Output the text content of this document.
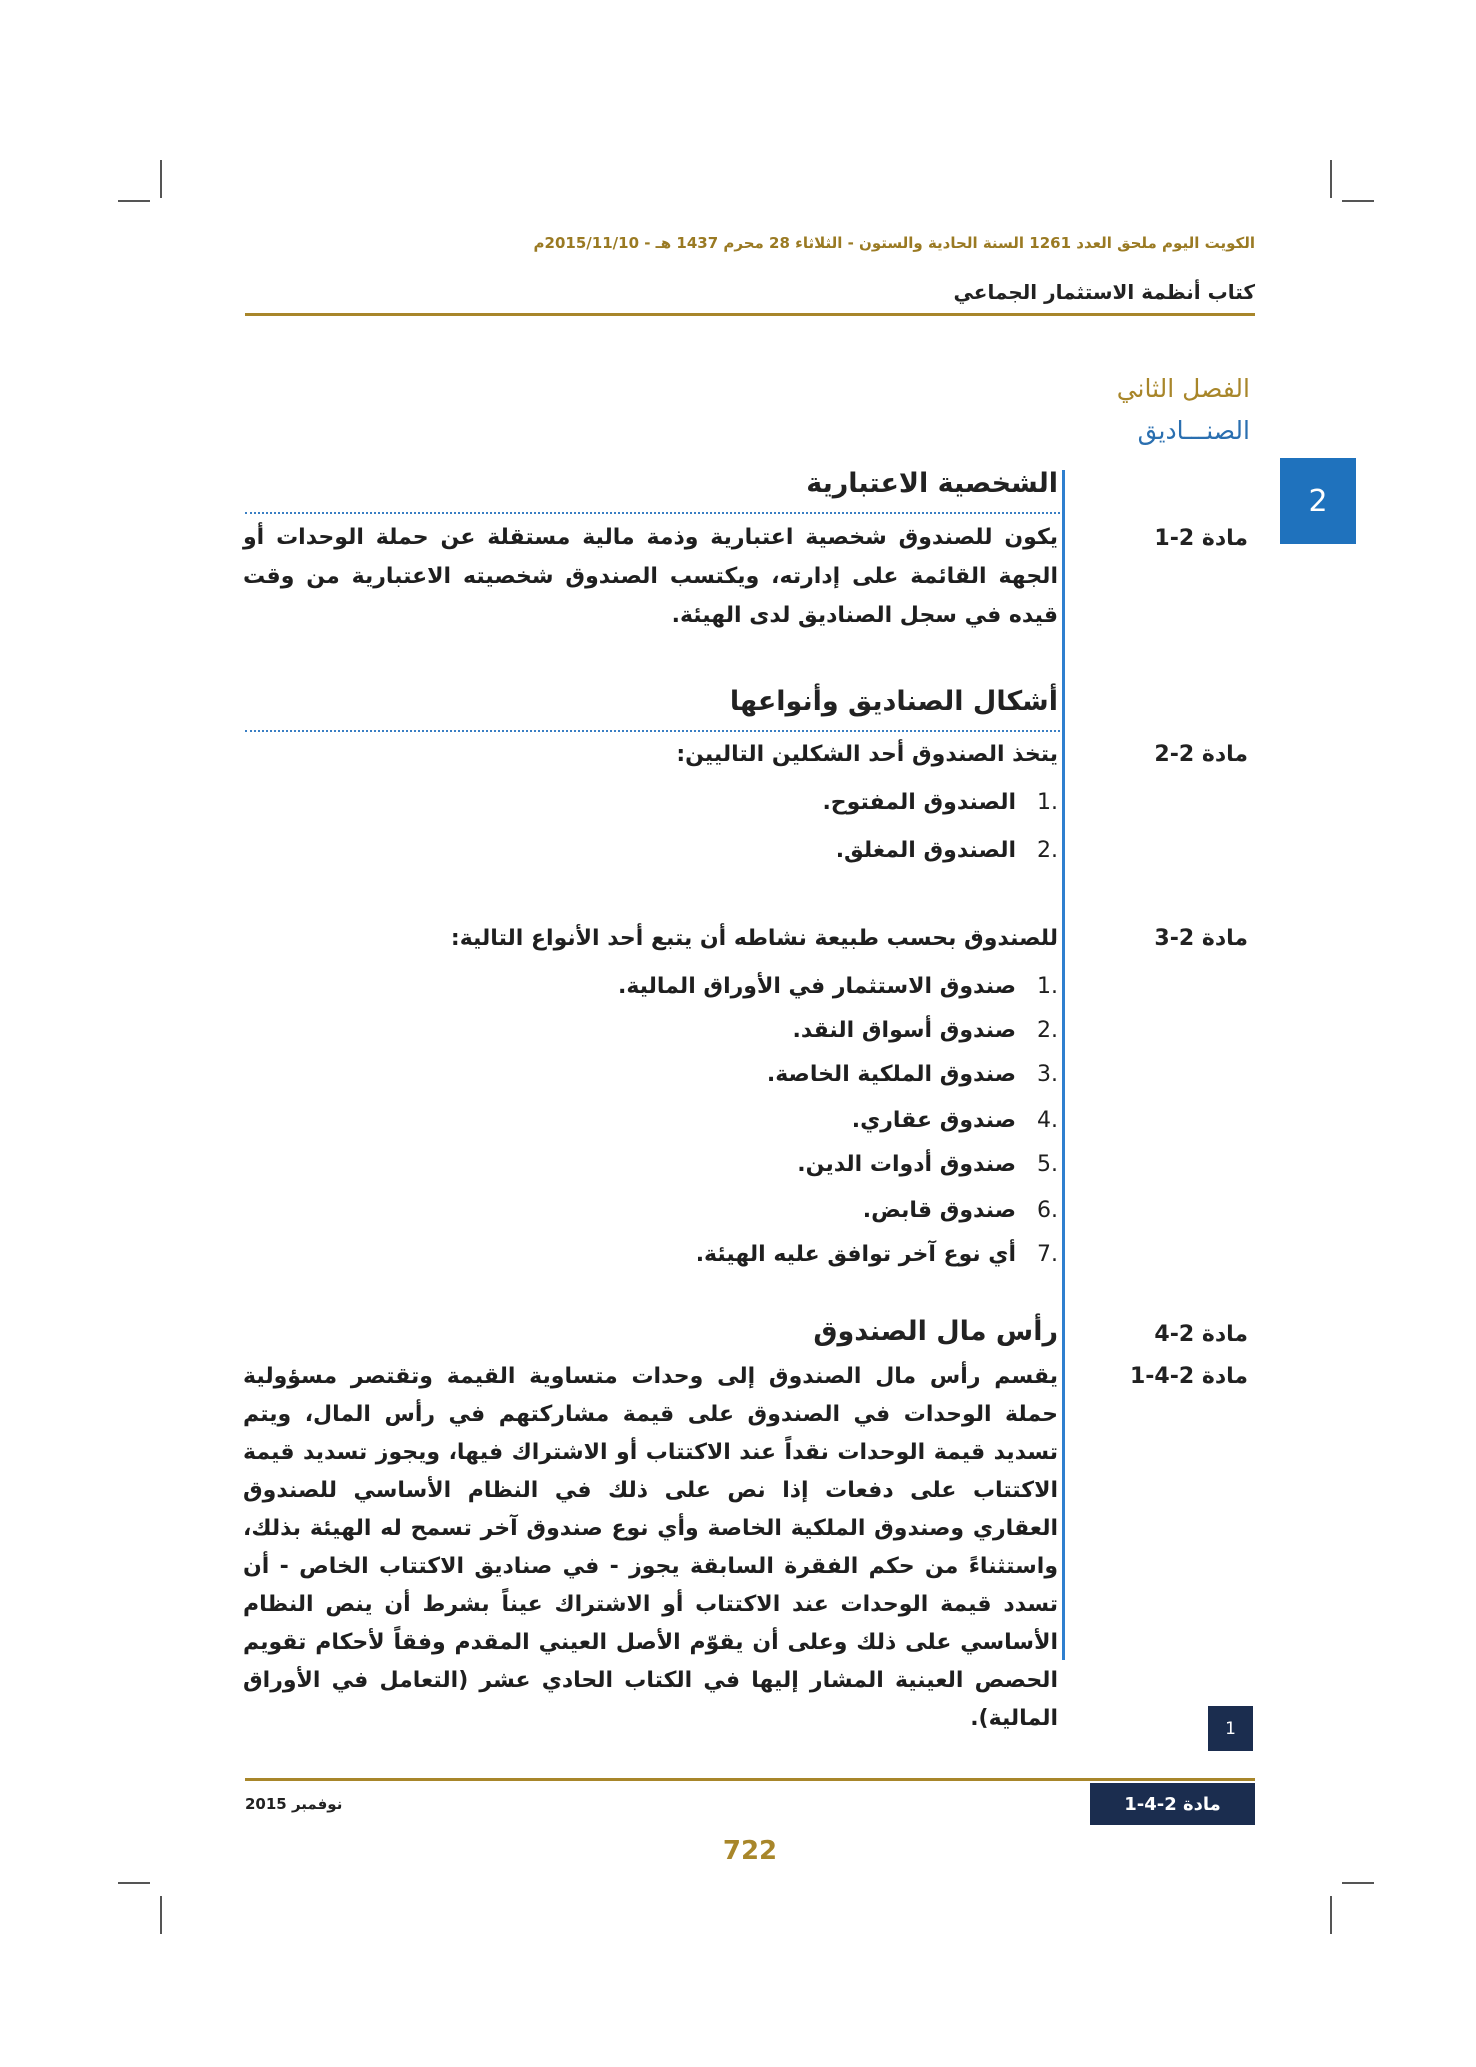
الكويت اليوم ملحق العدد 1261 السنة الحادية والستون - الثلاثاء 28 محرم 1437 هـ - 2015/11/10م
كتاب أنظمة الاستثمار الجماعي
الفصل الثاني
الصنـــاديق
2
الشخصية الاعتبارية
مادة 2-1
يكون للصندوق شخصية اعتبارية وذمة مالية مستقلة عن حملة الوحدات أو الجهة القائمة على إدارته، ويكتسب الصندوق شخصيته الاعتبارية من وقت قيده في سجل الصناديق لدى الهيئة.
أشكال الصناديق وأنواعها
مادة 2-2
يتخذ الصندوق أحد الشكلين التاليين:
.1الصندوق المفتوح.
.2الصندوق المغلق.
مادة 2-3
للصندوق بحسب طبيعة نشاطه أن يتبع أحد الأنواع التالية:
.1صندوق الاستثمار في الأوراق المالية.
.2صندوق أسواق النقد.
.3صندوق الملكية الخاصة.
.4صندوق عقاري.
.5صندوق أدوات الدين.
.6صندوق قابض.
.7أي نوع آخر توافق عليه الهيئة.
رأس مال الصندوق	مادة 2-4
مادة 2-4-1
يقسم رأس مال الصندوق إلى وحدات متساوية القيمة وتقتصر مسؤولية حملة الوحدات في الصندوق على قيمة مشاركتهم في رأس المال، ويتم تسديد قيمة الوحدات نقداً عند الاكتتاب أو الاشتراك فيها، ويجوز تسديد قيمة الاكتتاب على دفعات إذا نص على ذلك في النظام الأساسي للصندوق العقاري وصندوق الملكية الخاصة وأي نوع صندوق آخر تسمح له الهيئة بذلك، واستثناءً من حكم الفقرة السابقة يجوز - في صناديق الاكتتاب الخاص - أن تسدد قيمة الوحدات عند الاكتتاب أو الاشتراك عيناً بشرط أن ينص النظام الأساسي على ذلك وعلى أن يقوّم الأصل العيني المقدم وفقاً لأحكام تقويم الحصص العينية المشار إليها في الكتاب الحادي عشر (التعامل في الأوراق المالية).	1
مادة 2-4-1
نوفمبر 2015
722
